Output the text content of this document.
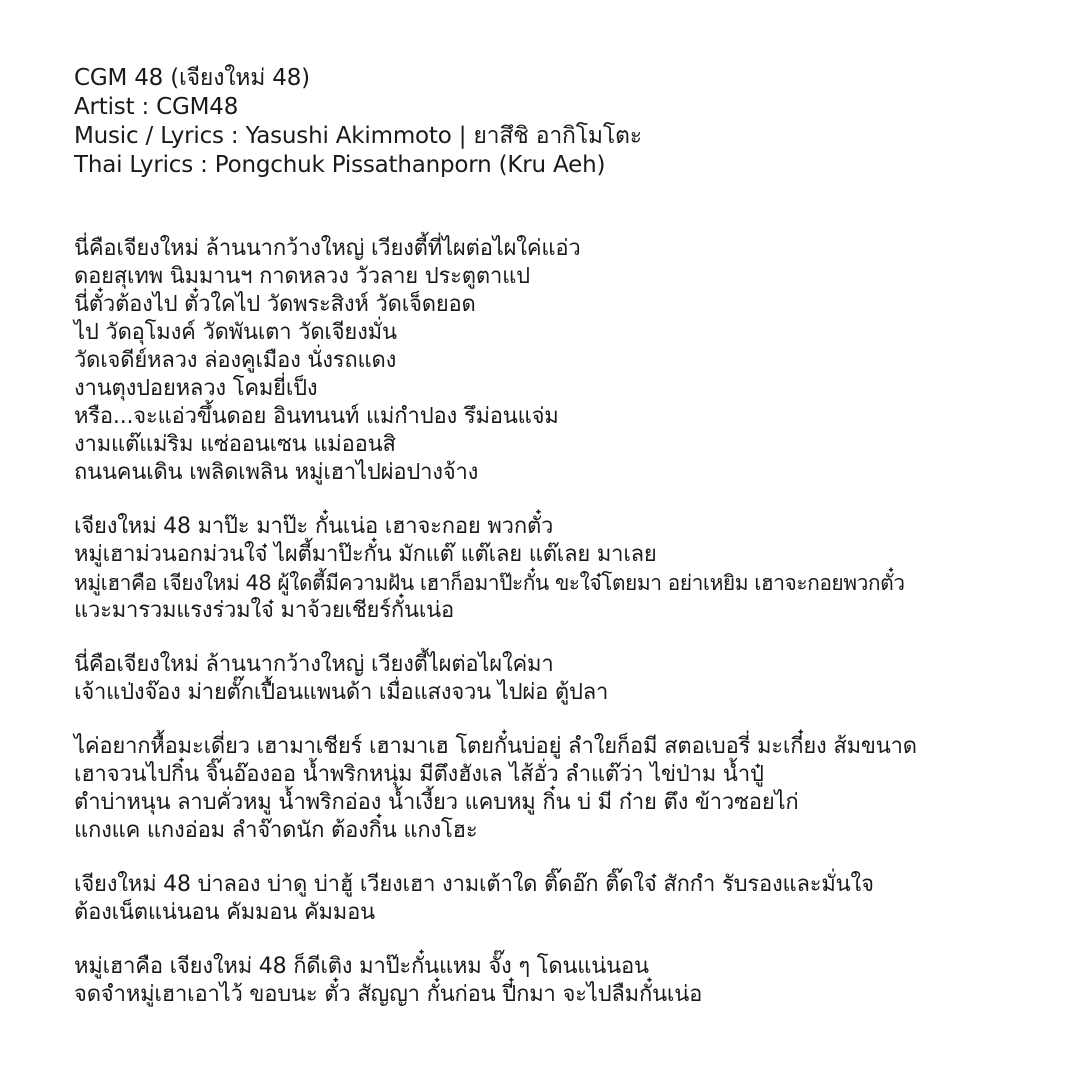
CGM 48 (เจียงใหม่ 48)
Artist : CGM48
Music / Lyrics : Yasushi Akimmoto | ยาสึชิ อากิโมโตะ
Thai Lyrics : Pongchuk Pissathanporn (Kru Aeh)
นี่คือเจียงใหม่ ล้านนากว้างใหญ่ เวียงตี้ที่ไผต่อไผใค่แอ่ว
ดอยสุเทพ นิมมานฯ กาดหลวง วัวลาย ประตูตาแป
นี่ตั๋วต้องไป ตั๋วใคไป วัดพระสิงห์ วัดเจ็ดยอด
ไป วัดอุโมงค์ วัดพันเตา วัดเจียงมั่น
วัดเจดีย์หลวง ล่องคูเมือง นั่งรถแดง
งานตุงปอยหลวง โคมยี่เป็ง
หรือ...จะแอ่วขึ้นดอย อินทนนท์ แม่กำปอง รึม่อนแจ่ม
งามแต๊แม่ริม แซ่ออนเซน แม่ออนสิ
ถนนคนเดิน เพลิดเพลิน หมู่เฮาไปผ่อปางจ้าง
เจียงใหม่ 48 มาป๊ะ มาป๊ะ กั๋นเน่อ เฮาจะกอย พวกตั๋ว
หมู่เฮาม่วนอกม่วนใจ๋ ไผตี้มาป๊ะกั๋น มักแต๊ แต๊เลย แต๊เลย มาเลย
หมู่เฮาคือ เจียงใหม่ 48 ผู้ใดตี้มีความฝัน เฮาก็อมาป๊ะกั๋น ขะใจ๋โตยมา อย่าเหยิม เฮาจะกอยพวกตั๋ว
แวะมารวมแรงร่วมใจ๋ มาจ้วยเชียร์กั๋นเน่อ
นี่คือเจียงใหม่ ล้านนากว้างใหญ่ เวียงตี้ไผต่อไผใค่มา
เจ้าแป่งจ๊อง ม่ายตั๊กเปื้อนแพนด้า เมื่อแสงจวน ไปผ่อ ตู้ปลา
ไค่อยากหื้อมะเดี่ยว เฮามาเชียร์ เฮามาเฮ โตยกั๋นบ่อยู่ ลำใยก็อมี สตอเบอรี่ มะเกี๋ยง ส้มขนาด
เฮาจวนไปกิ๋น จิ๊นอ๊องออ น้ำพริกหนุ่ม มีตึงฮังเล ไส้อั่ว ลำแต๊ว่า ไข่ป่าม น้ำปู๋
ตำบ่าหนุน ลาบคั่วหมู น้ำพริกอ่อง น้ำเงี้ยว แคบหมู กิ๋น บ่ มี ก๋าย ตึง ข้าวซอยไก่
แกงแค แกงอ่อม ลำจ๊าดนัก ต้องกิ๋น แกงโฮะ
เจียงใหม่ 48 บ่าลอง บ่าดู บ่าฮู้ เวียงเฮา งามเต้าใด ติ๊ดอ๊ก ติ๊ดใจ๋ สักกำ รับรองและมั่นใจ
ต้องเน็ตแน่นอน คัมมอน คัมมอน
หมู่เฮาคือ เจียงใหม่ 48 ก็ดีเติง มาป๊ะกั๋นแหม จั๊ง ๆ โดนแน่นอน
จดจำหมู่เฮาเอาไว้ ขอบนะ ตั๋ว สัญญา กั๋นก่อน ปี๋กมา จะไปลืมกั๋นเน่อ
